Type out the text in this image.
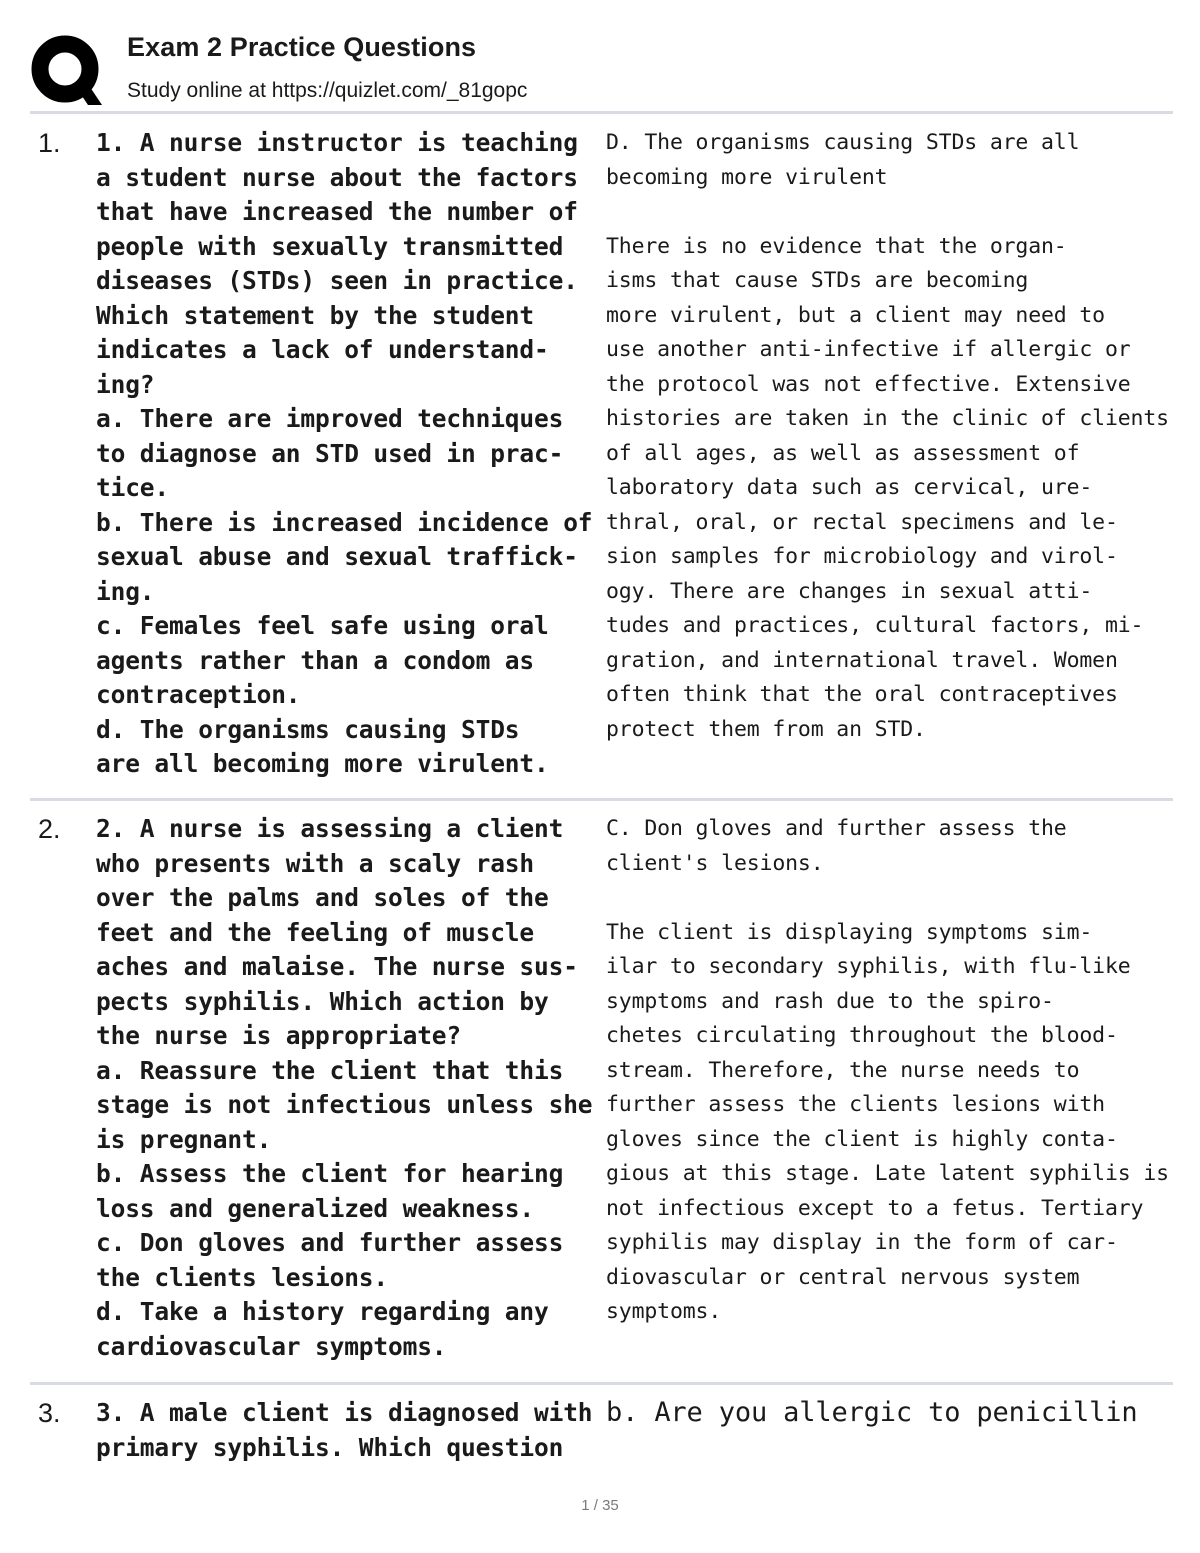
Exam 2 Practice Questions
Study online at https://quizlet.com/_81gopc
1. 1. A nurse instructor is teaching
a student nurse about the factors
that have increased the number of
people with sexually transmitted
diseases (STDs) seen in practice.
Which statement by the student
indicates a lack of understand-
ing?
a. There are improved techniques
to diagnose an STD used in prac-
tice.
b. There is increased incidence of
sexual abuse and sexual traffick-
ing.
c. Females feel safe using oral
agents rather than a condom as
contraception.
d. The organisms causing STDs
are all becoming more virulent.
D. The organisms causing STDs are all
becoming more virulent

There is no evidence that the organ-
isms that cause STDs are becoming
more virulent, but a client may need to
use another anti-infective if allergic or
the protocol was not effective. Extensive
histories are taken in the clinic of clients
of all ages, as well as assessment of
laboratory data such as cervical, ure-
thral, oral, or rectal specimens and le-
sion samples for microbiology and virol-
ogy. There are changes in sexual atti-
tudes and practices, cultural factors, mi-
gration, and international travel. Women
often think that the oral contraceptives
protect them from an STD.
2. 2. A nurse is assessing a client
who presents with a scaly rash
over the palms and soles of the
feet and the feeling of muscle
aches and malaise. The nurse sus-
pects syphilis. Which action by
the nurse is appropriate?
a. Reassure the client that this
stage is not infectious unless she
is pregnant.
b. Assess the client for hearing
loss and generalized weakness.
c. Don gloves and further assess
the clients lesions.
d. Take a history regarding any
cardiovascular symptoms.
C. Don gloves and further assess the
client's lesions.

The client is displaying symptoms sim-
ilar to secondary syphilis, with flu-like
symptoms and rash due to the spiro-
chetes circulating throughout the blood-
stream. Therefore, the nurse needs to
further assess the clients lesions with
gloves since the client is highly conta-
gious at this stage. Late latent syphilis is
not infectious except to a fetus. Tertiary
syphilis may display in the form of car-
diovascular or central nervous system
symptoms.
3. 3. A male client is diagnosed with
primary syphilis. Which question
b. Are you allergic to penicillin
1 / 35
